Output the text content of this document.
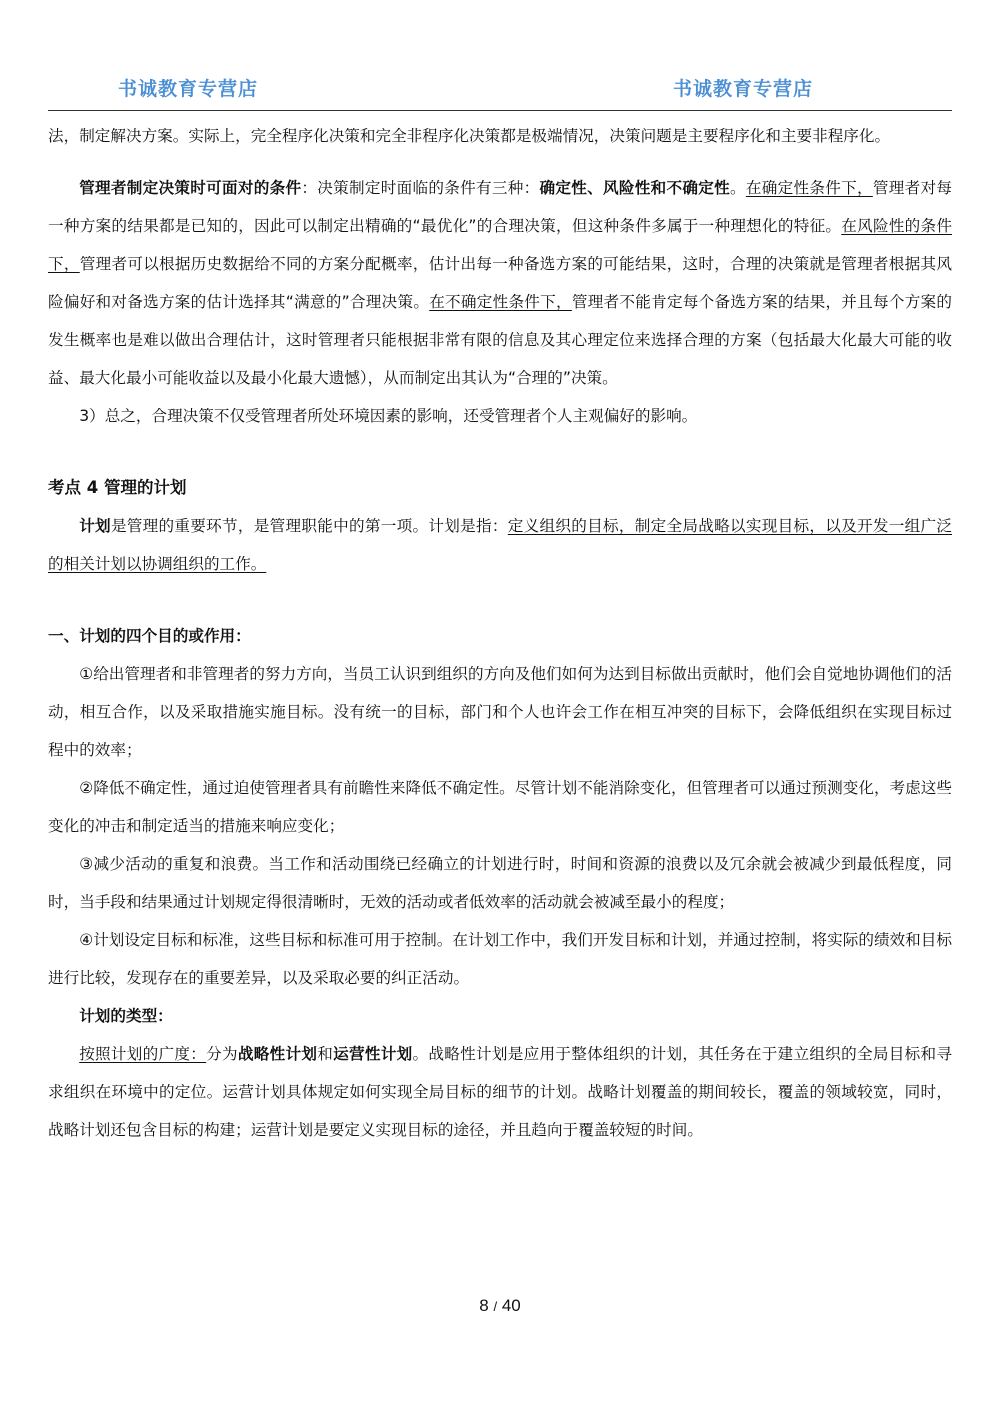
书诚教育专营店	书诚教育专营店

法，制定解决方案。实际上，完全程序化决策和完全非程序化决策都是极端情况，决策问题是主要程序化和主要非程序化。

管理者制定决策时可面对的条件：决策制定时面临的条件有三种：确定性、风险性和不确定性。在确定性条件下，管理者对每一种方案的结果都是已知的，因此可以制定出精确的“最优化”的合理决策，但这种条件多属于一种理想化的特征。在风险性的条件下，管理者可以根据历史数据给不同的方案分配概率，估计出每一种备选方案的可能结果，这时，合理的决策就是管理者根据其风险偏好和对备选方案的估计选择其“满意的”合理决策。在不确定性条件下，管理者不能肯定每个备选方案的结果，并且每个方案的发生概率也是难以做出合理估计，这时管理者只能根据非常有限的信息及其心理定位来选择合理的方案（包括最大化最大可能的收益、最大化最小可能收益以及最小化最大遗憾），从而制定出其认为“合理的”决策。

3）总之，合理决策不仅受管理者所处环境因素的影响，还受管理者个人主观偏好的影响。

考点 4 管理的计划

计划是管理的重要环节，是管理职能中的第一项。计划是指：定义组织的目标，制定全局战略以实现目标，以及开发一组广泛的相关计划以协调组织的工作。

一、计划的四个目的或作用：

①给出管理者和非管理者的努力方向，当员工认识到组织的方向及他们如何为达到目标做出贡献时，他们会自觉地协调他们的活动，相互合作，以及采取措施实施目标。没有统一的目标，部门和个人也许会工作在相互冲突的目标下，会降低组织在实现目标过程中的效率；

②降低不确定性，通过迫使管理者具有前瞻性来降低不确定性。尽管计划不能消除变化，但管理者可以通过预测变化，考虑这些变化的冲击和制定适当的措施来响应变化；

③减少活动的重复和浪费。当工作和活动围绕已经确立的计划进行时，时间和资源的浪费以及冗余就会被减少到最低程度，同时，当手段和结果通过计划规定得很清晰时，无效的活动或者低效率的活动就会被减至最小的程度；

④计划设定目标和标准，这些目标和标准可用于控制。在计划工作中，我们开发目标和计划，并通过控制，将实际的绩效和目标进行比较，发现存在的重要差异，以及采取必要的纠正活动。

计划的类型：

按照计划的广度：分为战略性计划和运营性计划。战略性计划是应用于整体组织的计划，其任务在于建立组织的全局目标和寻求组织在环境中的定位。运营计划具体规定如何实现全局目标的细节的计划。战略计划覆盖的期间较长，覆盖的领域较宽，同时，战略计划还包含目标的构建；运营计划是要定义实现目标的途径，并且趋向于覆盖较短的时间。

8 / 40
